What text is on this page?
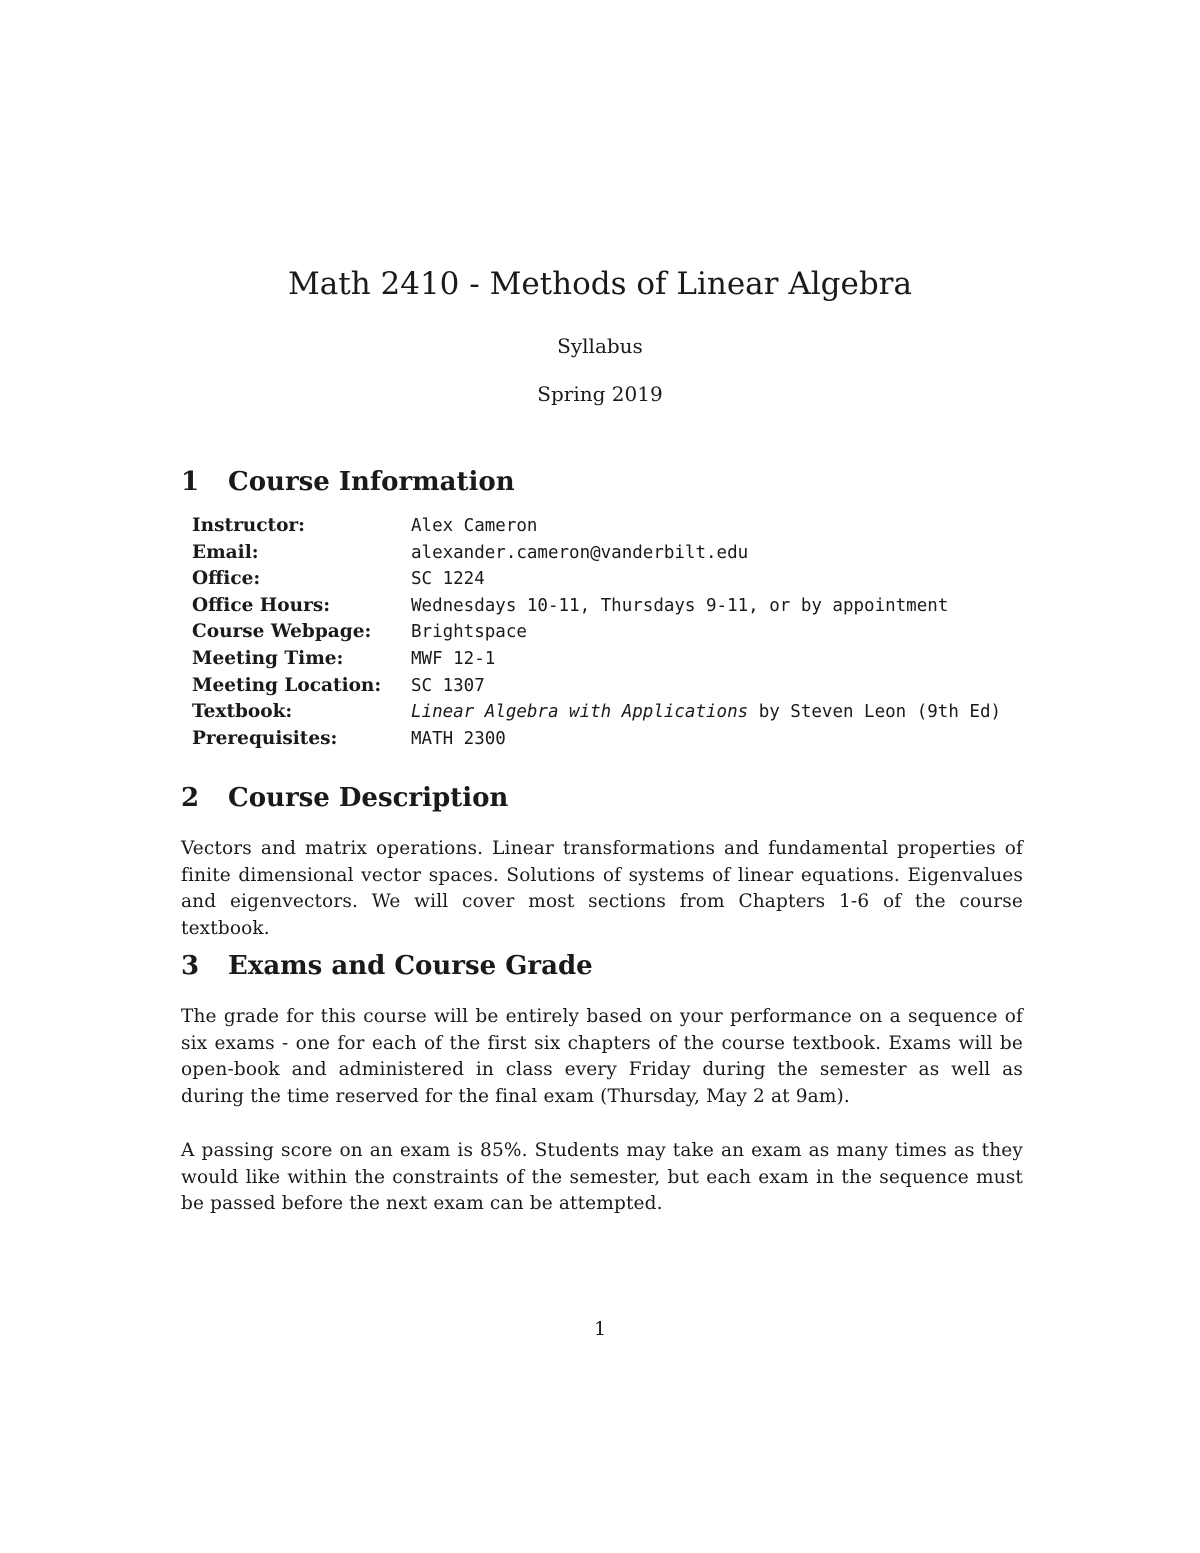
Math 2410 - Methods of Linear Algebra

Syllabus

Spring 2019

1 Course Information
Instructor:	Alex Cameron
Email:	alexander.cameron@vanderbilt.edu
Office:	SC 1224
Office Hours:	Wednesdays 10-11, Thursdays 9-11, or by appointment
Course Webpage:	Brightspace
Meeting Time:	MWF 12-1
Meeting Location:	SC 1307
Textbook:	Linear Algebra with Applications by Steven Leon (9th Ed)
Prerequisites:	MATH 2300
2 Course Description

Vectors and matrix operations. Linear transformations and fundamental properties of finite dimensional vector spaces. Solutions of systems of linear equations. Eigenvalues and eigenvectors. We will cover most sections from Chapters 1-6 of the course textbook.

3 Exams and Course Grade

The grade for this course will be entirely based on your performance on a sequence of six exams - one for each of the first six chapters of the course textbook. Exams will be open-book and administered in class every Friday during the semester as well as during the time reserved for the final exam (Thursday, May 2 at 9am).

A passing score on an exam is 85%. Students may take an exam as many times as they would like within the constraints of the semester, but each exam in the sequence must be passed before the next exam can be attempted.

1
